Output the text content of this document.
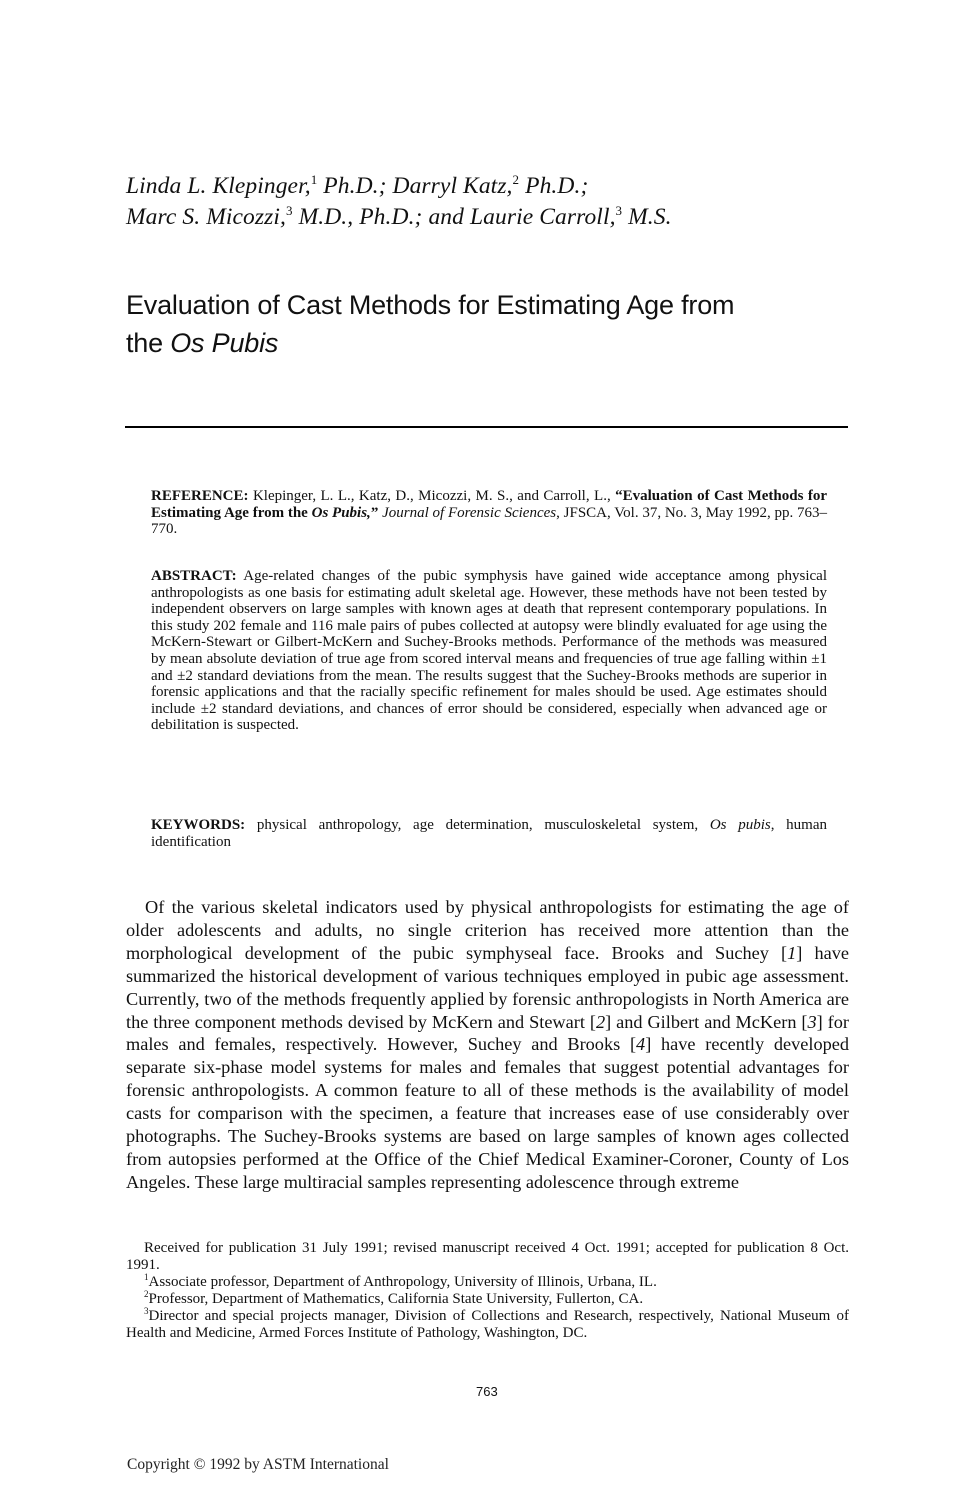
Linda L. Klepinger,$^1$ Ph.D.; Darryl Katz,$^2$ Ph.D.;
Marc S. Micozzi,$^3$ M.D., Ph.D.; and Laurie Carroll,$^3$ M.S.
Evaluation of Cast Methods for Estimating Age from
the Os Pubis
REFERENCE: Klepinger, L. L., Katz, D., Micozzi, M. S., and Carroll, L., “Evaluation of Cast Methods for Estimating Age from the Os Pubis,” Journal of Forensic Sciences, JFSCA, Vol. 37, No. 3, May 1992, pp. 763–770.
ABSTRACT: Age-related changes of the pubic symphysis have gained wide acceptance among physical anthropologists as one basis for estimating adult skeletal age. However, these methods have not been tested by independent observers on large samples with known ages at death that represent contemporary populations. In this study 202 female and 116 male pairs of pubes collected at autopsy were blindly evaluated for age using the McKern-Stewart or Gilbert-McKern and Suchey-Brooks methods. Performance of the methods was measured by mean absolute deviation of true age from scored interval means and frequencies of true age falling within ±1 and ±2 standard deviations from the mean. The results suggest that the Suchey-Brooks methods are superior in forensic applications and that the racially specific refinement for males should be used. Age estimates should include ±2 standard deviations, and chances of error should be considered, especially when advanced age or debilitation is suspected.
KEYWORDS: physical anthropology, age determination, musculoskeletal system, Os pubis, human identification

Of the various skeletal indicators used by physical anthropologists for estimating the age of older adolescents and adults, no single criterion has received more attention than the morphological development of the pubic symphyseal face. Brooks and Suchey [1] have summarized the historical development of various techniques employed in pubic age assessment. Currently, two of the methods frequently applied by forensic anthropologists in North America are the three component methods devised by McKern and Stewart [2] and Gilbert and McKern [3] for males and females, respectively. However, Suchey and Brooks [4] have recently developed separate six-phase model systems for males and females that suggest potential advantages for forensic anthropologists. A common feature to all of these methods is the availability of model casts for comparison with the specimen, a feature that increases ease of use considerably over photographs. The Suchey-Brooks systems are based on large samples of known ages collected from autopsies performed at the Office of the Chief Medical Examiner-Coroner, County of Los Angeles. These large multiracial samples representing adolescence through extreme

Received for publication 31 July 1991; revised manuscript received 4 Oct. 1991; accepted for publication 8 Oct. 1991.

$^1$Associate professor, Department of Anthropology, University of Illinois, Urbana, IL.

$^2$Professor, Department of Mathematics, California State University, Fullerton, CA.

$^3$Director and special projects manager, Division of Collections and Research, respectively, National Museum of Health and Medicine, Armed Forces Institute of Pathology, Washington, DC.

763
Copyright © 1992 by ASTM International
